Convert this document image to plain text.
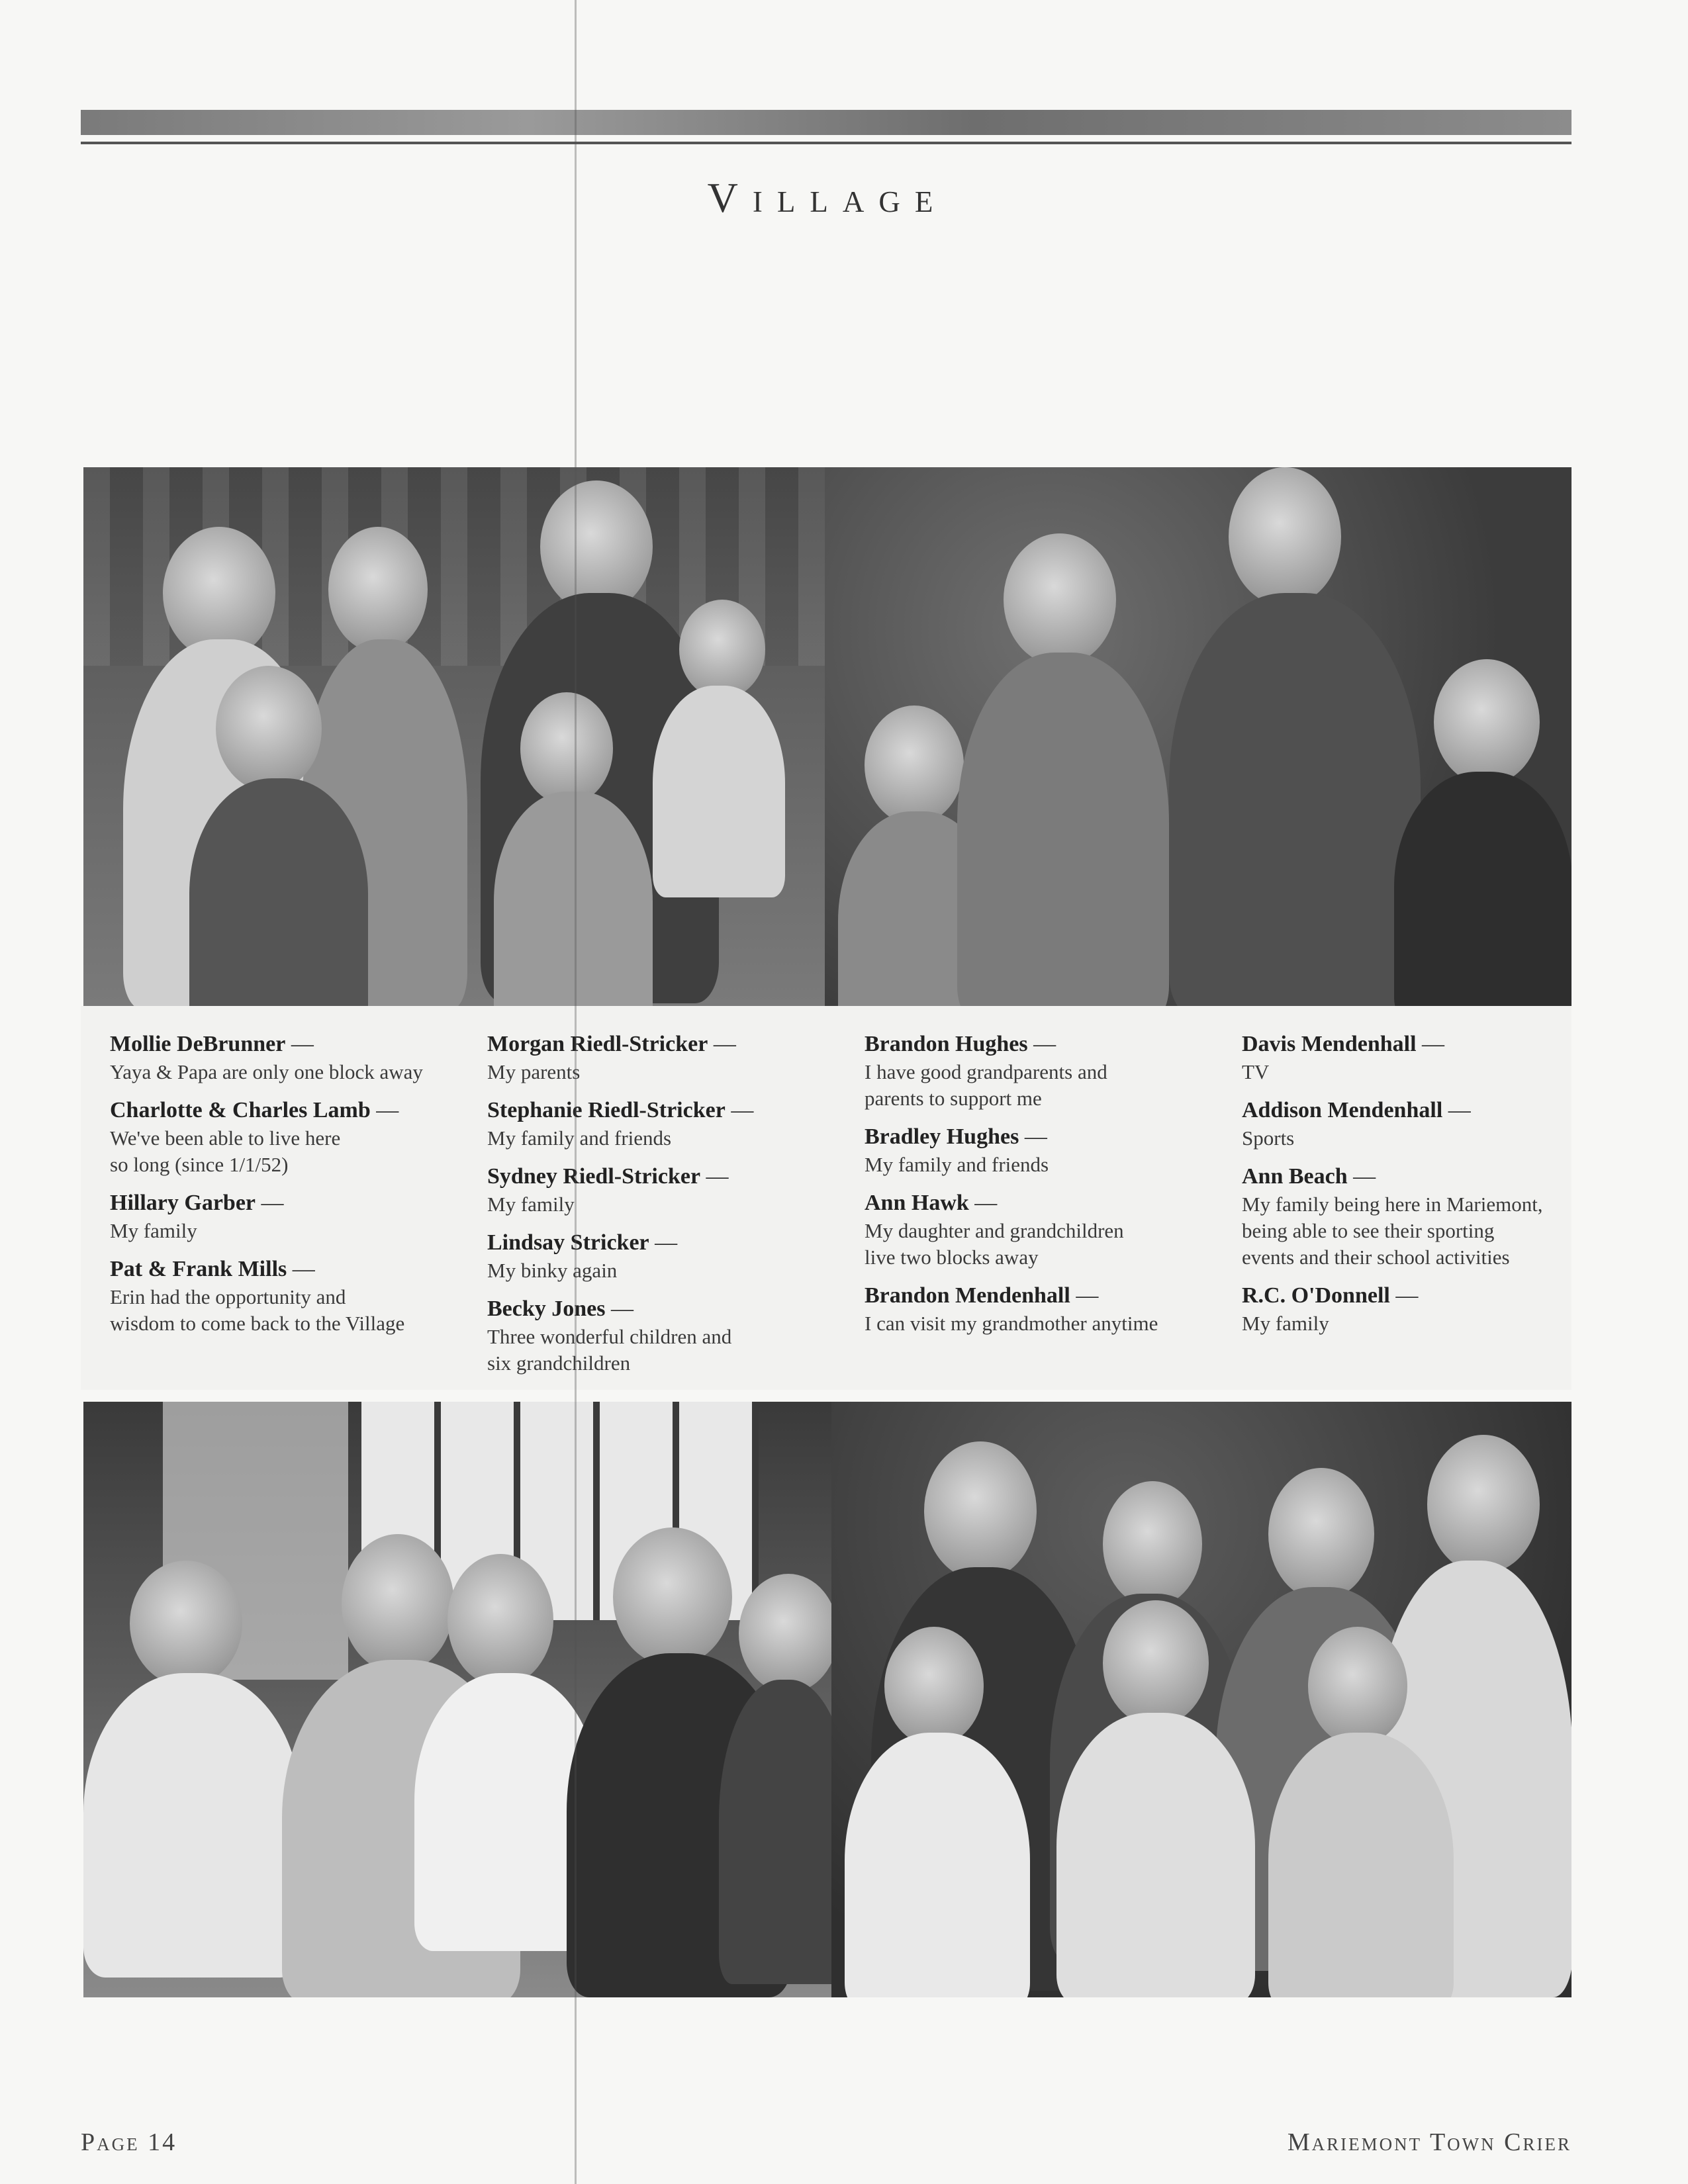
Village
Mollie DeBrunner —
Yaya & Papa are only one block away
Charlotte & Charles Lamb —
We've been able to live here
so long (since 1/1/52)
Hillary Garber —
My family
Pat & Frank Mills —
Erin had the opportunity and
wisdom to come back to the Village
Morgan Riedl-Stricker —
My parents
Stephanie Riedl-Stricker —
My family and friends
Sydney Riedl-Stricker —
My family
Lindsay Stricker —
My binky again
Becky Jones —
Three wonderful children and
six grandchildren
Brandon Hughes —
I have good grandparents and
parents to support me
Bradley Hughes —
My family and friends
Ann Hawk —
My daughter and grandchildren
live two blocks away
Brandon Mendenhall —
I can visit my grandmother anytime
Davis Mendenhall —
TV
Addison Mendenhall —
Sports
Ann Beach —
My family being here in Mariemont,
being able to see their sporting
events and their school activities
R.C. O'Donnell —
My family
Page 14	Mariemont Town Crier
